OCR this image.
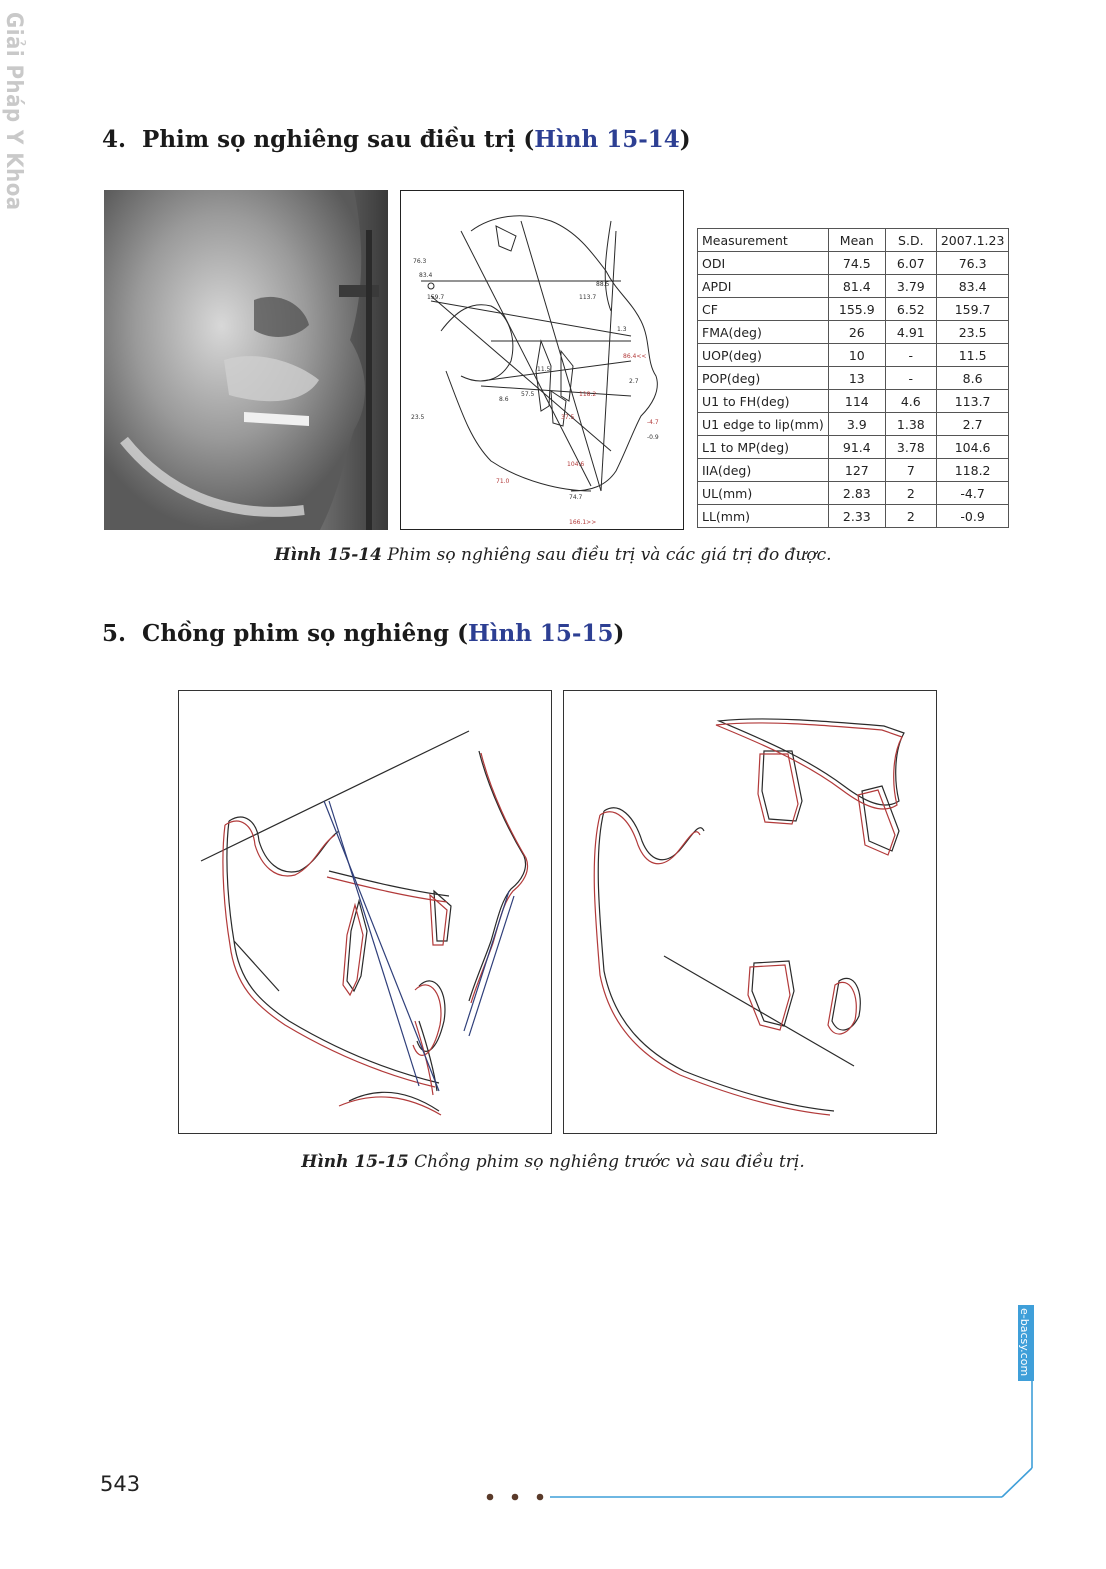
Giải Pháp Y Khoa	4. Phim sọ nghiêng sau điều trị (Hình 15-14)
76.3
83.4
159.7
88.5
113.7
1.3
86.4<<
2.7
11.5
57.5
8.6
23.5
-4.7
-0.9
104.6
71.0
74.7
118.2
166.1>>
37.5
Measurement	Mean	S.D.	2007.1.23
ODI	74.5	6.07	76.3
APDI	81.4	3.79	83.4
CF	155.9	6.52	159.7
FMA(deg)	26	4.91	23.5
UOP(deg)	10	-	11.5
POP(deg)	13	-	8.6
U1 to FH(deg)	114	4.6	113.7
U1 edge to lip(mm)	3.9	1.38	2.7
L1 to MP(deg)	91.4	3.78	104.6
IIA(deg)	127	7	118.2
UL(mm)	2.83	2	-4.7
LL(mm)	2.33	2	-0.9

Hình 15-14 Phim sọ nghiêng sau điều trị và các giá trị đo được.

5. Chồng phim sọ nghiêng (Hình 15-15)

Hình 15-15 Chồng phim sọ nghiêng trước và sau điều trị.

e-bacsy.com
543
